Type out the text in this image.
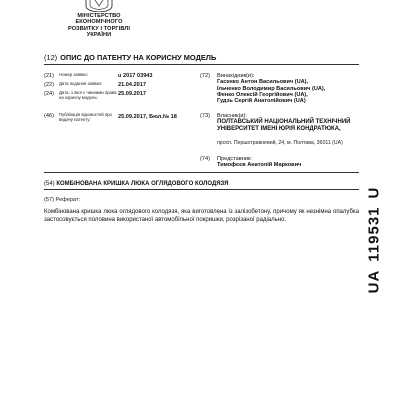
МІНІСТЕРСТВО
ЕКОНОМІЧНОГО
РОЗВИТКУ І ТОРГІВЛІ
УКРАЇНИ
(12) ОПИС ДО ПАТЕНТУ НА КОРИСНУ МОДЕЛЬ
(21) Номер заявки:	u 2017 03943
(22) Дата подання заявки:	21.04.2017
(24) Дата, з якої є чинними права на корисну модель:
25.09.2017
(46) Публікація відомостей про видачу патенту:	25.09.2017, Бюл.№ 18
(72) Винахідник(и):
Гасенко Антон Васильович (UA),
Ільченко Володимир Васильович (UA),
Фенко Олексій Георгійович (UA),
Гудзь Сергій Анатолійович (UA)
(73) Власник(и):
ПОЛТАВСЬКИЙ НАЦІОНАЛЬНИЙ ТЕХНІЧНИЙ УНІВЕРСИТЕТ ІМЕНІ ЮРІЯ КОНДРАТЮКА,
просп. Першотравневий, 24, м. Полтава, 36011 (UA)
(74) Представник:
Тимофєєв Анатолій Маркович
(54) КОМБІНОВАНА КРИШКА ЛЮКА ОГЛЯДОВОГО КОЛОДЯЗЯ
(57) Реферат:
Комбінована кришка люка оглядового колодязя, яка виготовлена із залізобетону, причому як незнімна опалубка застосовується половина використаної автомобільної покришки, розрізаної радіально.
UA119531U
